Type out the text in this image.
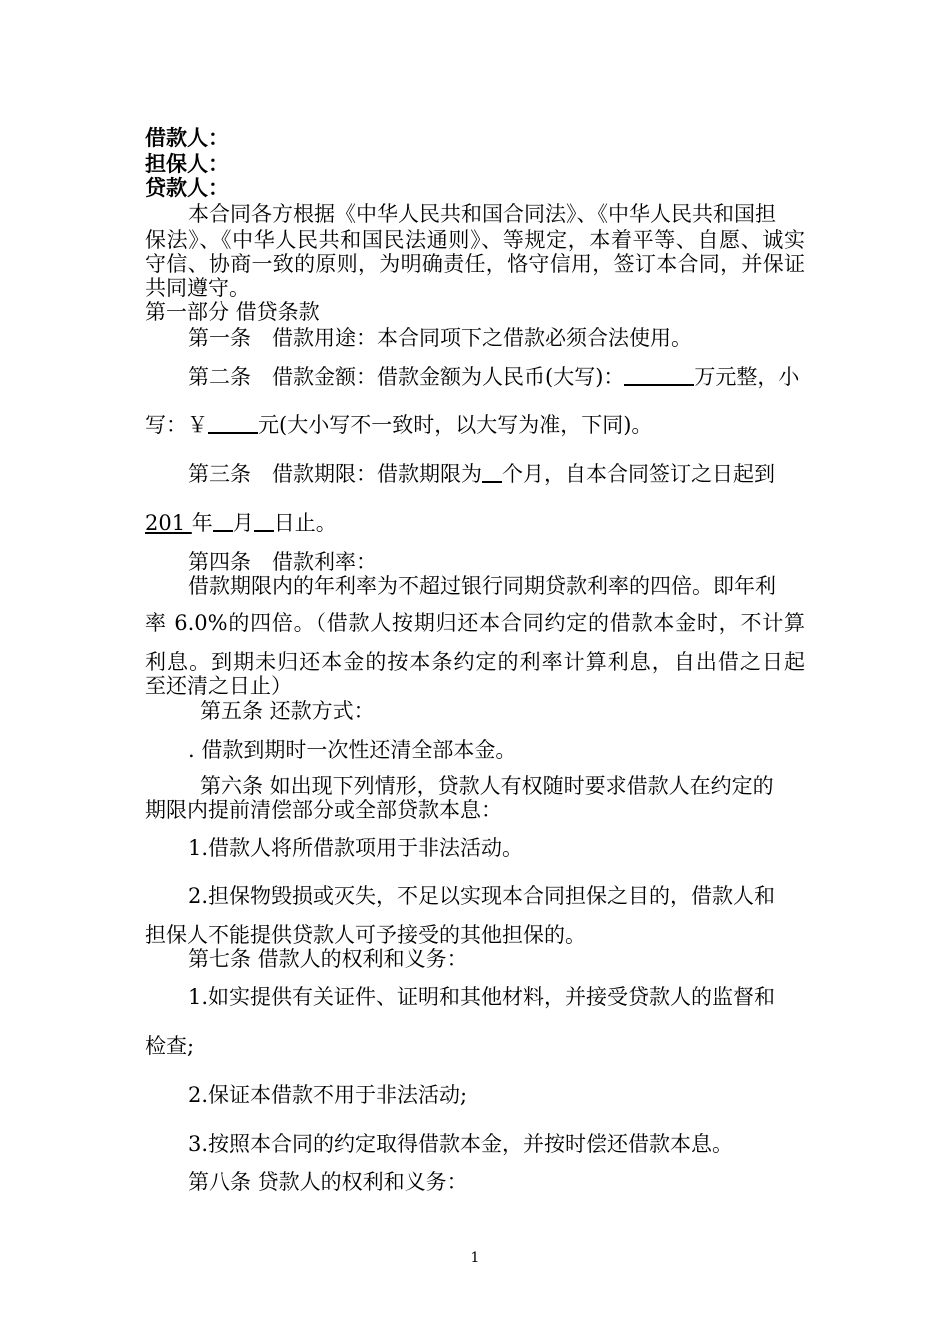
借款人：
担保人：
贷款人：
本合同各方根据《中华人民共和国合同法》、《中华人民共和国担
保法》、《中华人民共和国民法通则》、等规定，本着平等、自愿、诚实
守信、协商一致的原则，为明确责任，恪守信用，签订本合同，并保证
共同遵守。
第一部分 借贷条款
第一条　借款用途：本合同项下之借款必须合法使用。
第二条　借款金额：借款金额为人民币(大写)：	万元整，小
写：￥ 元(大小写不一致时，以大写为准，下同)。
第三条　借款期限：借款期限为 个月，自本合同签订之日起到
201 年 月 日止。
第四条　借款利率：
借款期限内的年利率为不超过银行同期贷款利率的四倍。即年利
率 6.0%的四倍。（借款人按期归还本合同约定的借款本金时，不计算
利息。到期未归还本金的按本条约定的利率计算利息，自出借之日起
至还清之日止）
第五条 还款方式：
. 借款到期时一次性还清全部本金。
第六条 如出现下列情形，贷款人有权随时要求借款人在约定的
期限内提前清偿部分或全部贷款本息：
1.借款人将所借款项用于非法活动。
2.担保物毁损或灭失，不足以实现本合同担保之目的，借款人和
担保人不能提供贷款人可予接受的其他担保的。
第七条 借款人的权利和义务：
1.如实提供有关证件、证明和其他材料，并接受贷款人的监督和
检查;
2.保证本借款不用于非法活动;
3.按照本合同的约定取得借款本金，并按时偿还借款本息。
第八条 贷款人的权利和义务：
1
